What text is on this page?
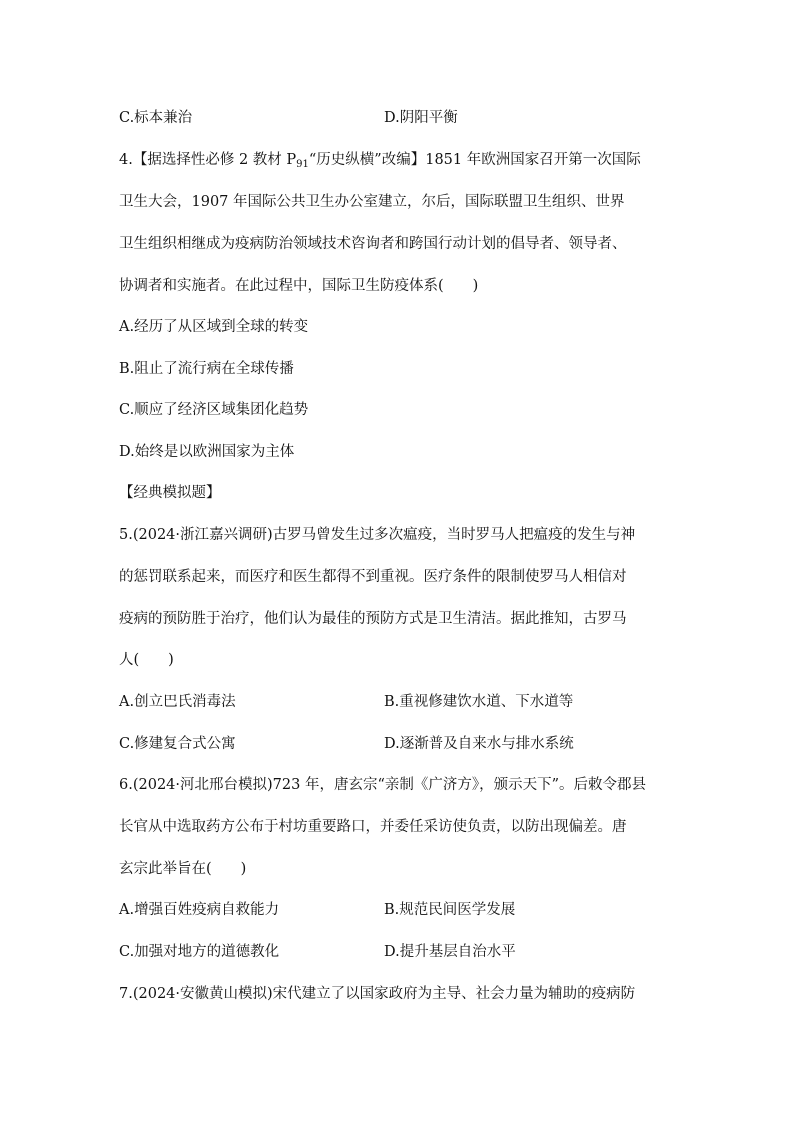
C.标本兼治	D.阴阳平衡
4.【据选择性必修 2 教材 $P_{91}“$历史纵横”改编】1851 年欧洲国家召开第一次国际
卫生大会，1907 年国际公共卫生办公室建立，尔后，国际联盟卫生组织、世界
卫生组织相继成为疫病防治领域技术咨询者和跨国行动计划的倡导者、领导者、
协调者和实施者。在此过程中，国际卫生防疫体系(　　)
A.经历了从区域到全球的转变
B.阻止了流行病在全球传播
C.顺应了经济区域集团化趋势
D.始终是以欧洲国家为主体
【经典模拟题】
5.(2024·浙江嘉兴调研)古罗马曾发生过多次瘟疫，当时罗马人把瘟疫的发生与神
的惩罚联系起来，而医疗和医生都得不到重视。医疗条件的限制使罗马人相信对
疫病的预防胜于治疗，他们认为最佳的预防方式是卫生清洁。据此推知，古罗马
人(　　)
A.创立巴氏消毒法	B.重视修建饮水道、下水道等
C.修建复合式公寓	D.逐渐普及自来水与排水系统
6.(2024·河北邢台模拟)723 年，唐玄宗“亲制《广济方》，颁示天下”。后敕令郡县
长官从中选取药方公布于村坊重要路口，并委任采访使负责，以防出现偏差。唐
玄宗此举旨在(　　)
A.增强百姓疫病自救能力	B.规范民间医学发展
C.加强对地方的道德教化	D.提升基层自治水平
7.(2024·安徽黄山模拟)宋代建立了以国家政府为主导、社会力量为辅助的疫病防
